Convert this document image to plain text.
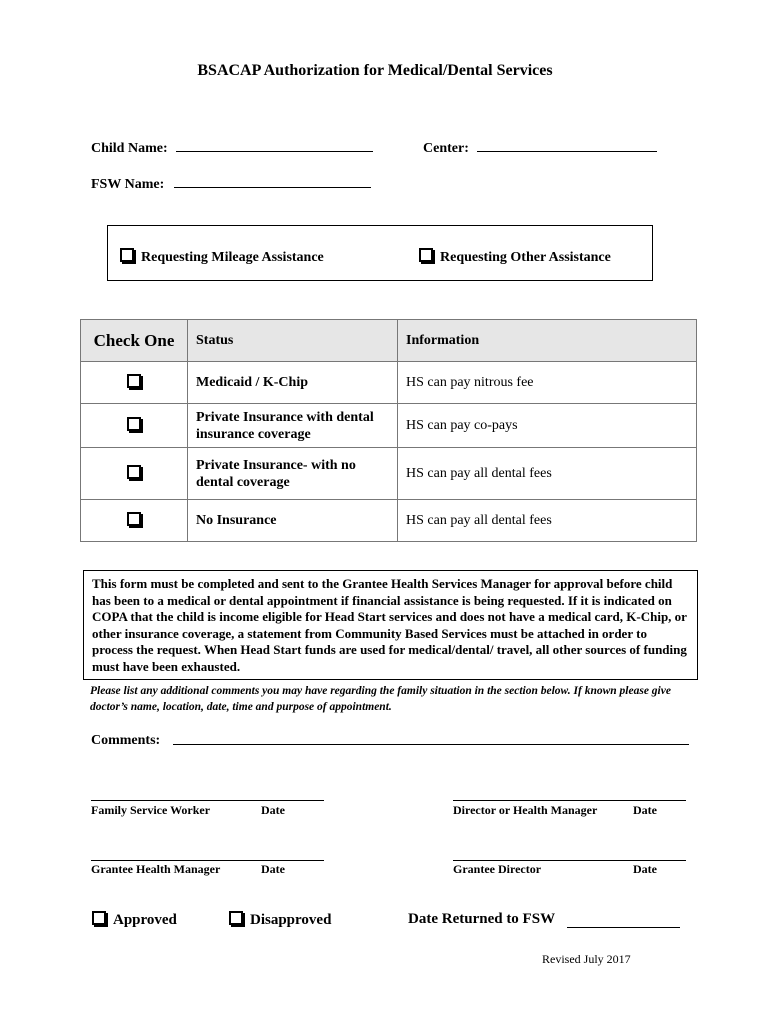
BSACAP Authorization for Medical/Dental Services
Child Name:	Center:
FSW Name:
Requesting Mileage Assistance	Requesting Other Assistance
Check One	Status	Information
	Medicaid / K-Chip	HS can pay nitrous fee
	Private Insurance with dental insurance coverage	HS can pay co-pays
	Private Insurance- with no dental coverage	HS can pay all dental fees
	No Insurance	HS can pay all dental fees
This form must be completed and sent to the Grantee Health Services Manager for approval before child has been to a medical or dental appointment if financial assistance is being requested. If it is indicated on COPA that the child is income eligible for Head Start services and does not have a medical card, K-Chip, or other insurance coverage, a statement from Community Based Services must be attached in order to process the request. When Head Start funds are used for medical/dental/ travel, all other sources of funding must have been exhausted.
Please list any additional comments you may have regarding the family situation in the section below. If known please give doctor’s name, location, date, time and purpose of appointment.
Comments:
Family Service Worker	Date	Director or Health Manager	Date
Grantee Health Manager	Date	Grantee Director	Date
Approved	Disapproved	Date Returned to FSW
Revised July 2017
